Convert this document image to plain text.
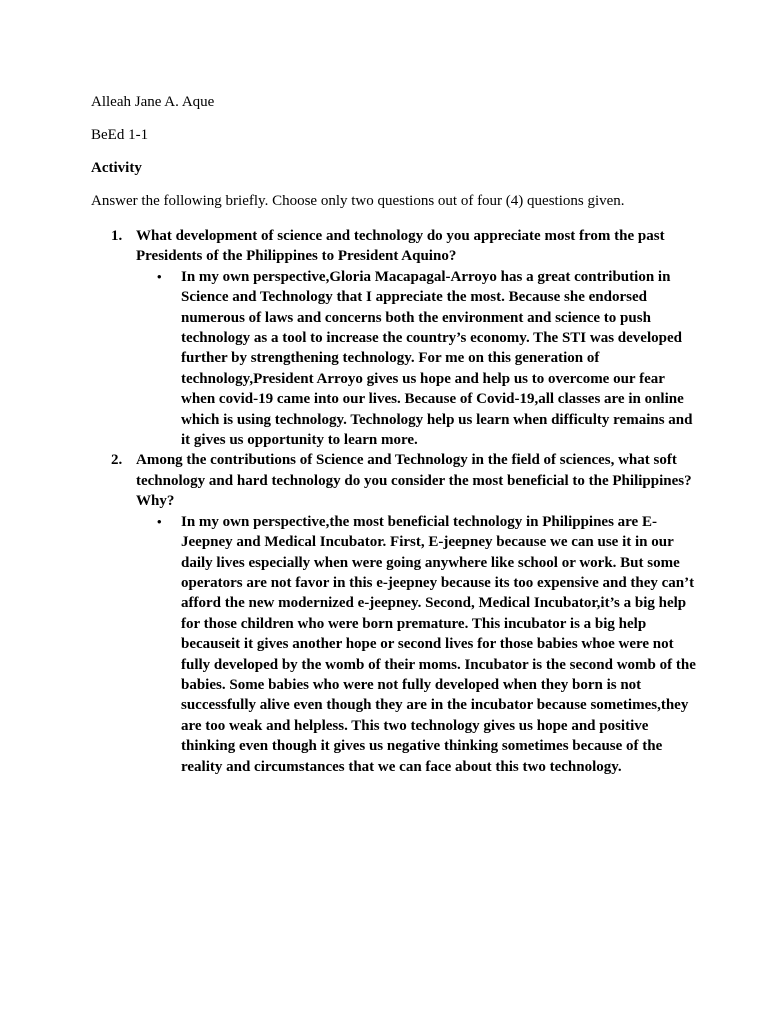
Alleah Jane A. Aque
BeEd 1-1
Activity
Answer the following briefly. Choose only two questions out of four (4) questions given.
1. What development of science and technology do you appreciate most from the past Presidents of the Philippines to President Aquino?
• In my own perspective,Gloria Macapagal-Arroyo has a great contribution in Science and Technology that I appreciate the most. Because she endorsed numerous of laws and concerns both the environment and science to push technology as a tool to increase the country’s economy. The STI was developed further by strengthening technology. For me on this generation of technology,President Arroyo gives us hope and help us to overcome our fear when covid-19 came into our lives. Because of Covid-19,all classes are in online which is using technology. Technology help us learn when difficulty remains and it gives us opportunity to learn more.
2. Among the contributions of Science and Technology in the field of sciences, what soft technology and hard technology do you consider the most beneficial to the Philippines? Why?
• In my own perspective,the most beneficial technology in Philippines are E-Jeepney and Medical Incubator. First, E-jeepney because we can use it in our daily lives especially when were going anywhere like school or work. But some operators are not favor in this e-jeepney because its too expensive and they can’t afford the new modernized e-jeepney. Second, Medical Incubator,it’s a big help for those children who were born premature. This incubator is a big help becauseit it gives another hope or second lives for those babies whoe were not fully developed by the womb of their moms. Incubator is the second womb of the babies. Some babies who were not fully developed when they born is not successfully alive even though they are in the incubator because sometimes,they are too weak and helpless. This two technology gives us hope and positive thinking even though it gives us negative thinking sometimes because of the reality and circumstances that we can face about this two technology.
